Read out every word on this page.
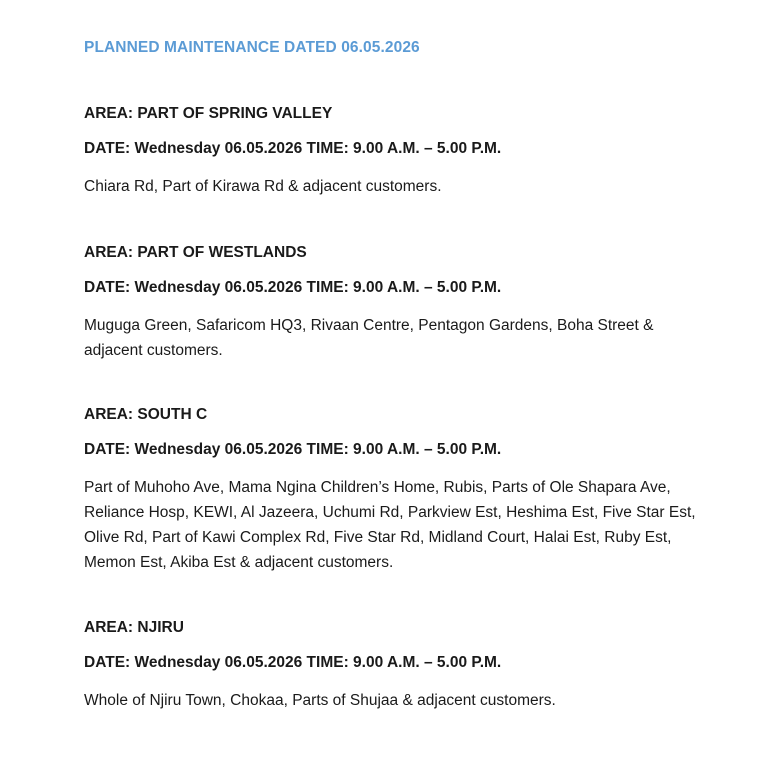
PLANNED MAINTENANCE DATED 06.05.2026
AREA: PART OF SPRING VALLEY
DATE: Wednesday 06.05.2026 TIME: 9.00 A.M. – 5.00 P.M.

Chiara Rd, Part of Kirawa Rd & adjacent customers.

AREA: PART OF WESTLANDS
DATE: Wednesday 06.05.2026 TIME: 9.00 A.M. – 5.00 P.M.

Muguga Green, Safaricom HQ3, Rivaan Centre, Pentagon Gardens, Boha Street & adjacent customers.

AREA: SOUTH C
DATE: Wednesday 06.05.2026 TIME: 9.00 A.M. – 5.00 P.M.

Part of Muhoho Ave, Mama Ngina Children’s Home, Rubis, Parts of Ole Shapara Ave, Reliance Hosp, KEWI, Al Jazeera, Uchumi Rd, Parkview Est, Heshima Est, Five Star Est, Olive Rd, Part of Kawi Complex Rd, Five Star Rd, Midland Court, Halai Est, Ruby Est, Memon Est, Akiba Est & adjacent customers.

AREA: NJIRU
DATE: Wednesday 06.05.2026 TIME: 9.00 A.M. – 5.00 P.M.

Whole of Njiru Town, Chokaa, Parts of Shujaa & adjacent customers.
